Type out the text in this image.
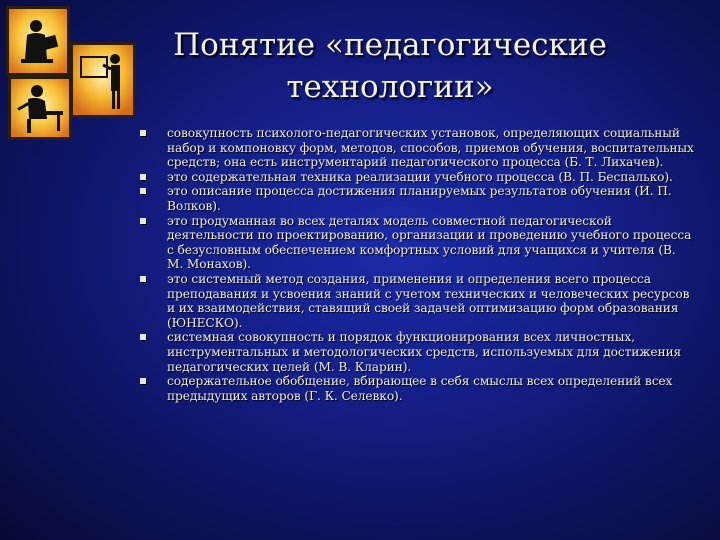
Понятие «педагогические
технологии»
совокупность психолого-педагогических установок, определяющих социальный набор и компоновку форм, методов, способов, приемов обучения, воспитательных средств; она есть инструментарий педагогического процесса (Б. Т. Лихачев).
это содержательная техника реализации учебного процесса (В. П. Беспалько).
это описание процесса достижения планируемых результатов обучения (И. П. Волков).
это продуманная во всех деталях модель совместной педагогической деятельности по проектированию, организации и проведению учебного процесса с безусловным обеспечением комфортных условий для учащихся и учителя (В. М. Монахов).
это системный метод создания, применения и определения всего процесса преподавания и усвоения знаний с учетом технических и человеческих ресурсов и их взаимодействия, ставящий своей задачей оптимизацию форм образования (ЮНЕСКО).
системная совокупность и порядок функционирования всех личностных, инструментальных и методологических средств, используемых для достижения педагогических целей (М. В. Кларин).
содержательное обобщение, вбирающее в себя смыслы всех определений всех предыдущих авторов (Г. К. Селевко).
